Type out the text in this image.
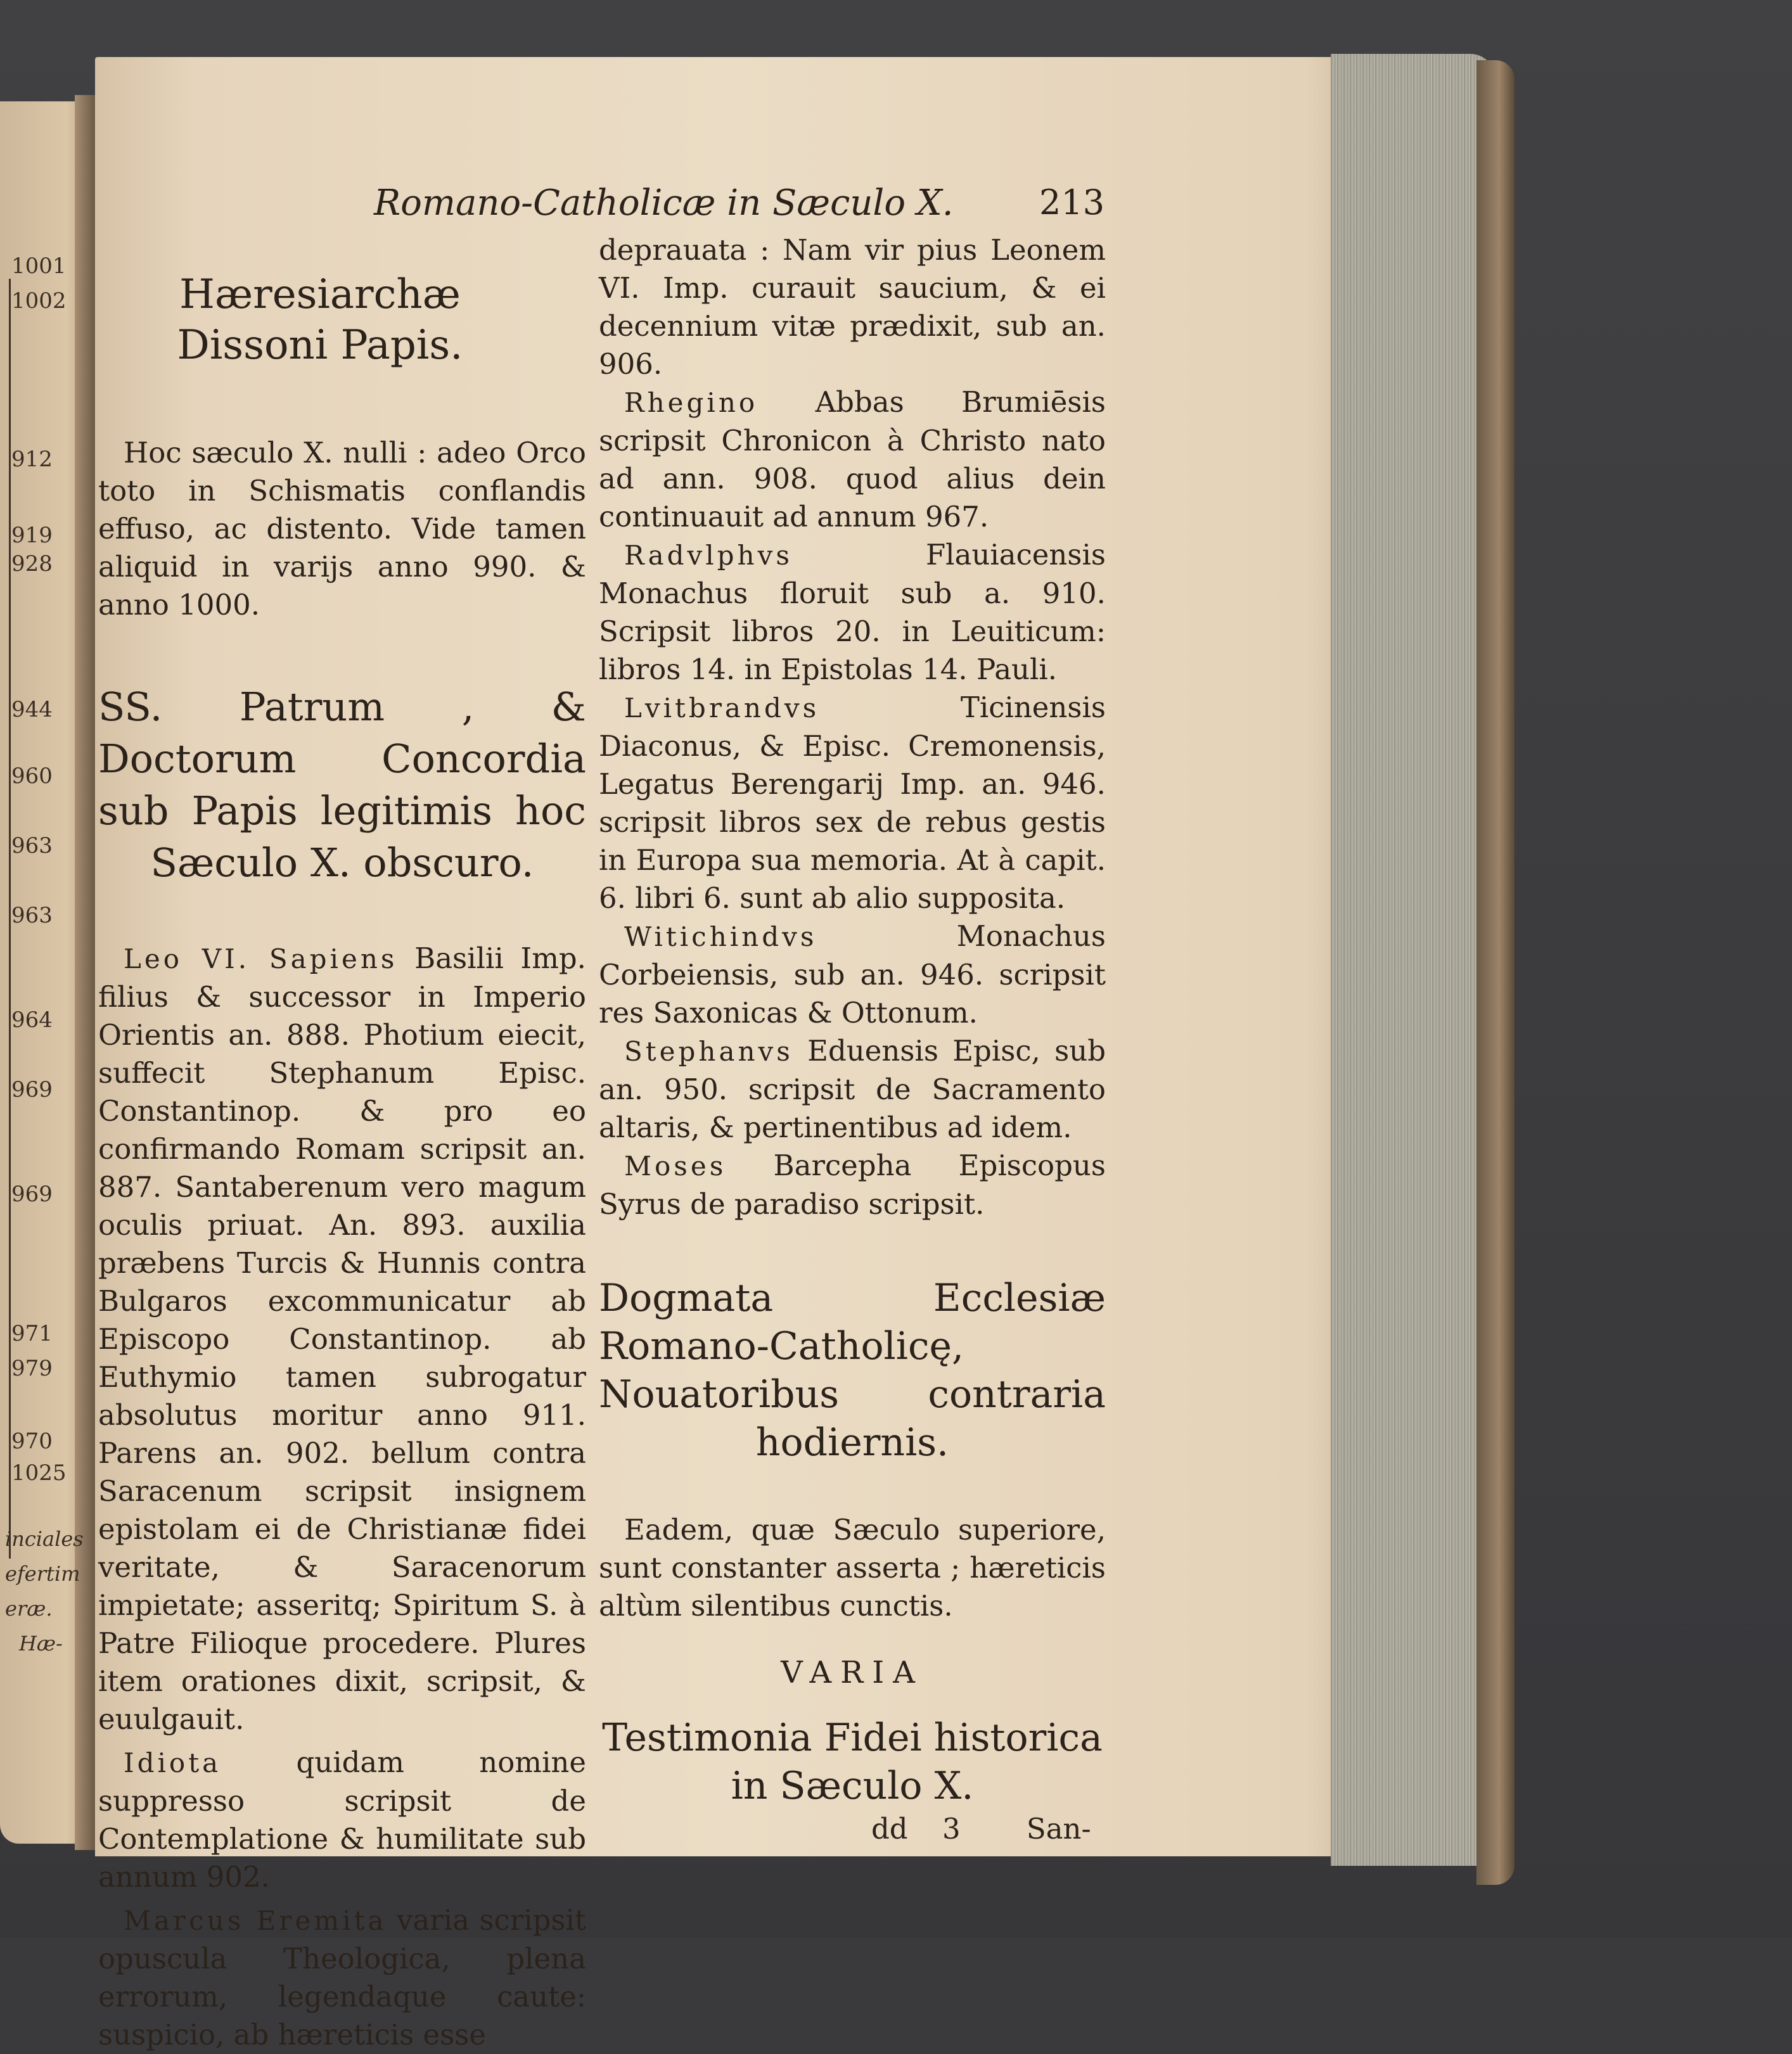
Romano-Catholicæ in Sæculo X.	213
1001
1002
912
919
928
944
960
963
963
964
969
969
971
979
970
1025
inciales
efertim
eræ.
Hæ-
Hæresiarchæ Dissoni Papis.

Hoc sæculo X. nulli : adeo Orco toto in Schismatis conflandis effuso, ac distento. Vide tamen aliquid in varijs anno 990. & anno 1000.

SS. Patrum , & Doctorum Concordia sub Papis legitimis hoc Sæculo X. obscuro.

Leo VI. Sapiens Basilii Imp. filius & successor in Imperio Orientis an. 888. Photium eiecit, suffecit Stephanum Episc. Constantinop. & pro eo confirmando Romam scripsit an. 887. Santaberenum vero magum oculis priuat. An. 893. auxilia præbens Turcis & Hunnis contra Bulgaros excommunicatur ab Episcopo Constantinop. ab Euthymio tamen subrogatur absolutus moritur anno 911. Parens an. 902. bellum contra Saracenum scripsit insignem epistolam ei de Christianæ fidei veritate, & Saracenorum impietate; asseritq; Spiritum S. à Patre Filioque procedere. Plures item orationes dixit, scripsit, & euulgauit.

Idiota	quidam nomine suppresso scripsit de Contemplatione & humilitate sub annum 902.

Marcus Eremita varia scripsit opuscula Theologica, plena errorum, legendaque caute: suspicio, ab hæreticis esse

deprauata : Nam vir pius Leonem VI. Imp. curauit saucium, & ei decennium vitæ prædixit, sub an. 906.

Rhegino Abbas Brumiēsis scripsit Chronicon à Christo nato ad ann. 908. quod alius dein continuauit ad annum 967.

Radvlphvs	Flauiacensis Monachus floruit sub a. 910. Scripsit libros 20. in Leuiticum: libros 14. in Epistolas 14. Pauli.

Lvitbrandvs	Ticinensis Diaconus, & Episc. Cremonensis, Legatus Berengarij Imp. an. 946. scripsit libros sex de rebus gestis in Europa sua memoria. At à capit. 6. libri 6. sunt ab alio supposita.

Witichindvs	Monachus Corbeiensis, sub an. 946. scripsit res Saxonicas & Ottonum.

Stephanvs Eduensis Episc, sub an. 950. scripsit de Sacramento altaris, & pertinentibus ad idem.

Moses Barcepha Episcopus Syrus de paradiso scripsit.

Dogmata Ecclesiæ Romano-Catholicę, Nouatoribus contraria hodiernis.

Eadem, quæ Sæculo superiore, sunt constanter asserta ; hæreticis altùm silentibus cunctis.

VARIA
Testimonia Fidei historica in Sæculo X.
dd 3 San-
